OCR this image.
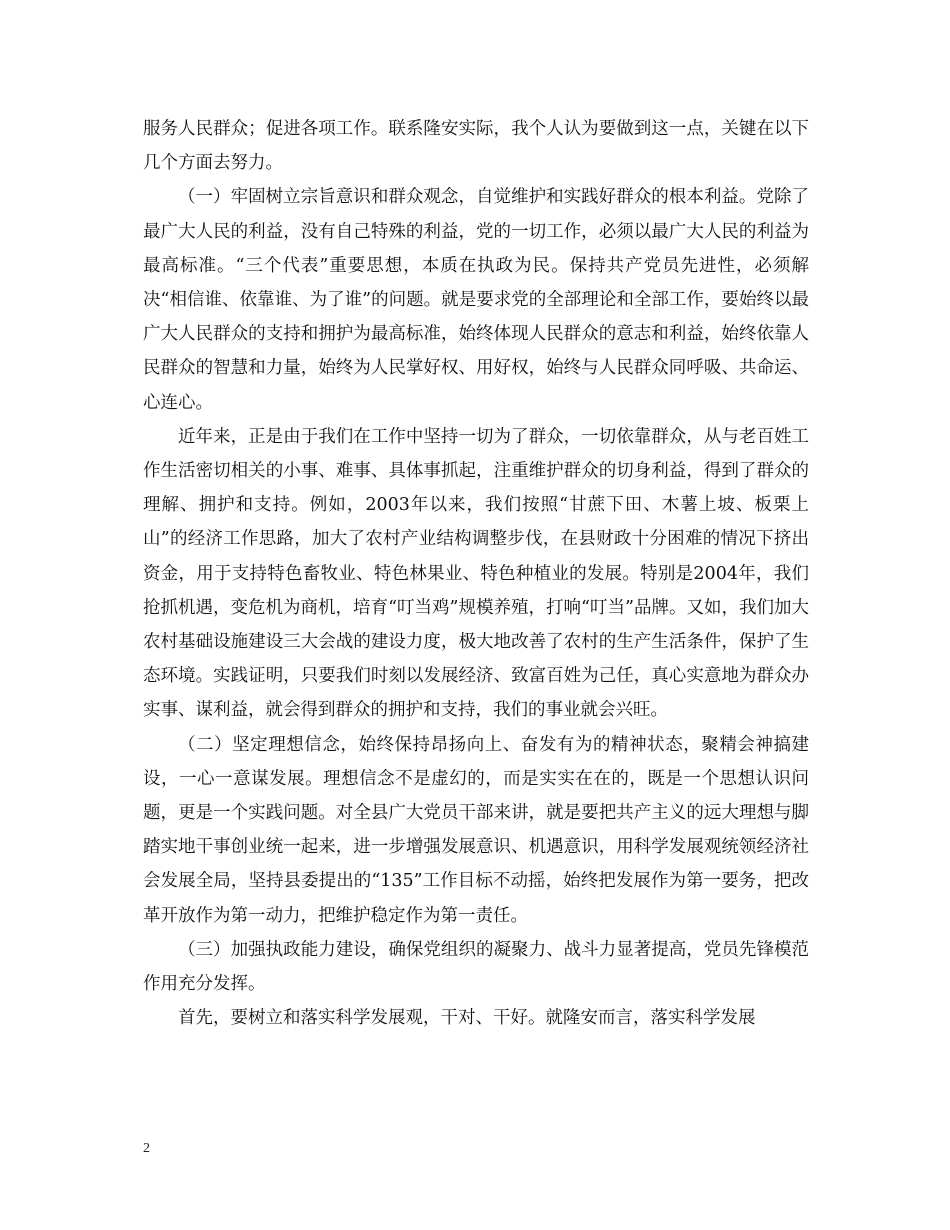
服务人民群众；促进各项工作。联系隆安实际，我个人认为要做到这一点，关键在以下几个方面去努力。

（一）牢固树立宗旨意识和群众观念，自觉维护和实践好群众的根本利益。党除了最广大人民的利益，没有自己特殊的利益，党的一切工作，必须以最广大人民的利益为最高标准。“三个代表”重要思想，本质在执政为民。保持共产党员先进性，必须解决“相信谁、依靠谁、为了谁”的问题。就是要求党的全部理论和全部工作，要始终以最广大人民群众的支持和拥护为最高标准，始终体现人民群众的意志和利益，始终依靠人民群众的智慧和力量，始终为人民掌好权、用好权，始终与人民群众同呼吸、共命运、心连心。

近年来，正是由于我们在工作中坚持一切为了群众，一切依靠群众，从与老百姓工作生活密切相关的小事、难事、具体事抓起，注重维护群众的切身利益，得到了群众的理解、拥护和支持。例如，2003年以来，我们按照“甘蔗下田、木薯上坡、板栗上山”的经济工作思路，加大了农村产业结构调整步伐，在县财政十分困难的情况下挤出资金，用于支持特色畜牧业、特色林果业、特色种植业的发展。特别是2004年，我们抢抓机遇，变危机为商机，培育“叮当鸡”规模养殖，打响“叮当”品牌。又如，我们加大农村基础设施建设三大会战的建设力度，极大地改善了农村的生产生活条件，保护了生态环境。实践证明，只要我们时刻以发展经济、致富百姓为己任，真心实意地为群众办实事、谋利益，就会得到群众的拥护和支持，我们的事业就会兴旺。

（二）坚定理想信念，始终保持昂扬向上、奋发有为的精神状态，聚精会神搞建设，一心一意谋发展。理想信念不是虚幻的，而是实实在在的，既是一个思想认识问题，更是一个实践问题。对全县广大党员干部来讲，就是要把共产主义的远大理想与脚踏实地干事创业统一起来，进一步增强发展意识、机遇意识，用科学发展观统领经济社会发展全局，坚持县委提出的“135”工作目标不动摇，始终把发展作为第一要务，把改革开放作为第一动力，把维护稳定作为第一责任。

（三）加强执政能力建设，确保党组织的凝聚力、战斗力显著提高，党员先锋模范作用充分发挥。

首先，要树立和落实科学发展观，干对、干好。就隆安而言，落实科学发展

2
